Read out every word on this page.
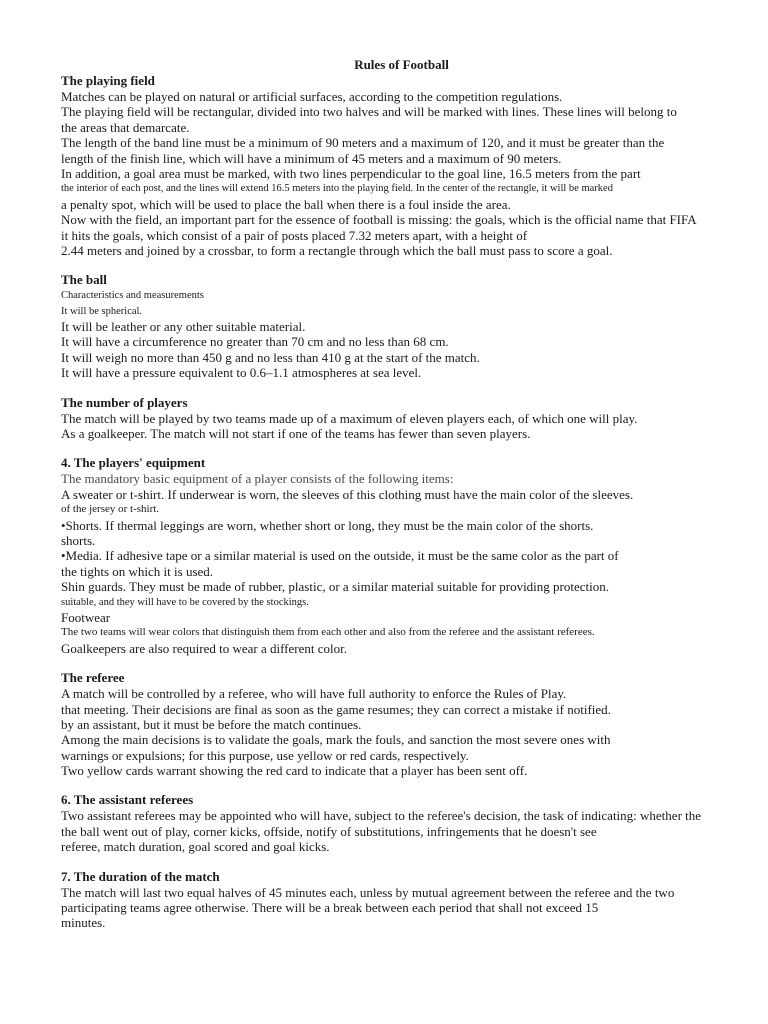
Rules of Football
The playing field
Matches can be played on natural or artificial surfaces, according to the competition regulations.
The playing field will be rectangular, divided into two halves and will be marked with lines. These lines will belong to
the areas that demarcate.
The length of the band line must be a minimum of 90 meters and a maximum of 120, and it must be greater than the
length of the finish line, which will have a minimum of 45 meters and a maximum of 90 meters.
In addition, a goal area must be marked, with two lines perpendicular to the goal line, 16.5 meters from the part
the interior of each post, and the lines will extend 16.5 meters into the playing field. In the center of the rectangle, it will be marked
a penalty spot, which will be used to place the ball when there is a foul inside the area.
Now with the field, an important part for the essence of football is missing: the goals, which is the official name that FIFA
it hits the goals, which consist of a pair of posts placed 7.32 meters apart, with a height of
2.44 meters and joined by a crossbar, to form a rectangle through which the ball must pass to score a goal.
The ball
Characteristics and measurements
It will be spherical.
It will be leather or any other suitable material.
It will have a circumference no greater than 70 cm and no less than 68 cm.
It will weigh no more than 450 g and no less than 410 g at the start of the match.
It will have a pressure equivalent to 0.6–1.1 atmospheres at sea level.
The number of players
The match will be played by two teams made up of a maximum of eleven players each, of which one will play.
As a goalkeeper. The match will not start if one of the teams has fewer than seven players.
4. The players' equipment
The mandatory basic equipment of a player consists of the following items:
A sweater or t-shirt. If underwear is worn, the sleeves of this clothing must have the main color of the sleeves.
of the jersey or t-shirt.
•Shorts. If thermal leggings are worn, whether short or long, they must be the main color of the shorts.
shorts.
•Media. If adhesive tape or a similar material is used on the outside, it must be the same color as the part of
the tights on which it is used.
Shin guards. They must be made of rubber, plastic, or a similar material suitable for providing protection.
suitable, and they will have to be covered by the stockings.
Footwear
The two teams will wear colors that distinguish them from each other and also from the referee and the assistant referees.
Goalkeepers are also required to wear a different color.
The referee
A match will be controlled by a referee, who will have full authority to enforce the Rules of Play.
that meeting. Their decisions are final as soon as the game resumes; they can correct a mistake if notified.
by an assistant, but it must be before the match continues.
Among the main decisions is to validate the goals, mark the fouls, and sanction the most severe ones with
warnings or expulsions; for this purpose, use yellow or red cards, respectively.
Two yellow cards warrant showing the red card to indicate that a player has been sent off.
6. The assistant referees
Two assistant referees may be appointed who will have, subject to the referee's decision, the task of indicating: whether the
the ball went out of play, corner kicks, offside, notify of substitutions, infringements that he doesn't see
referee, match duration, goal scored and goal kicks.
7. The duration of the match
The match will last two equal halves of 45 minutes each, unless by mutual agreement between the referee and the two
participating teams agree otherwise. There will be a break between each period that shall not exceed 15
minutes.
